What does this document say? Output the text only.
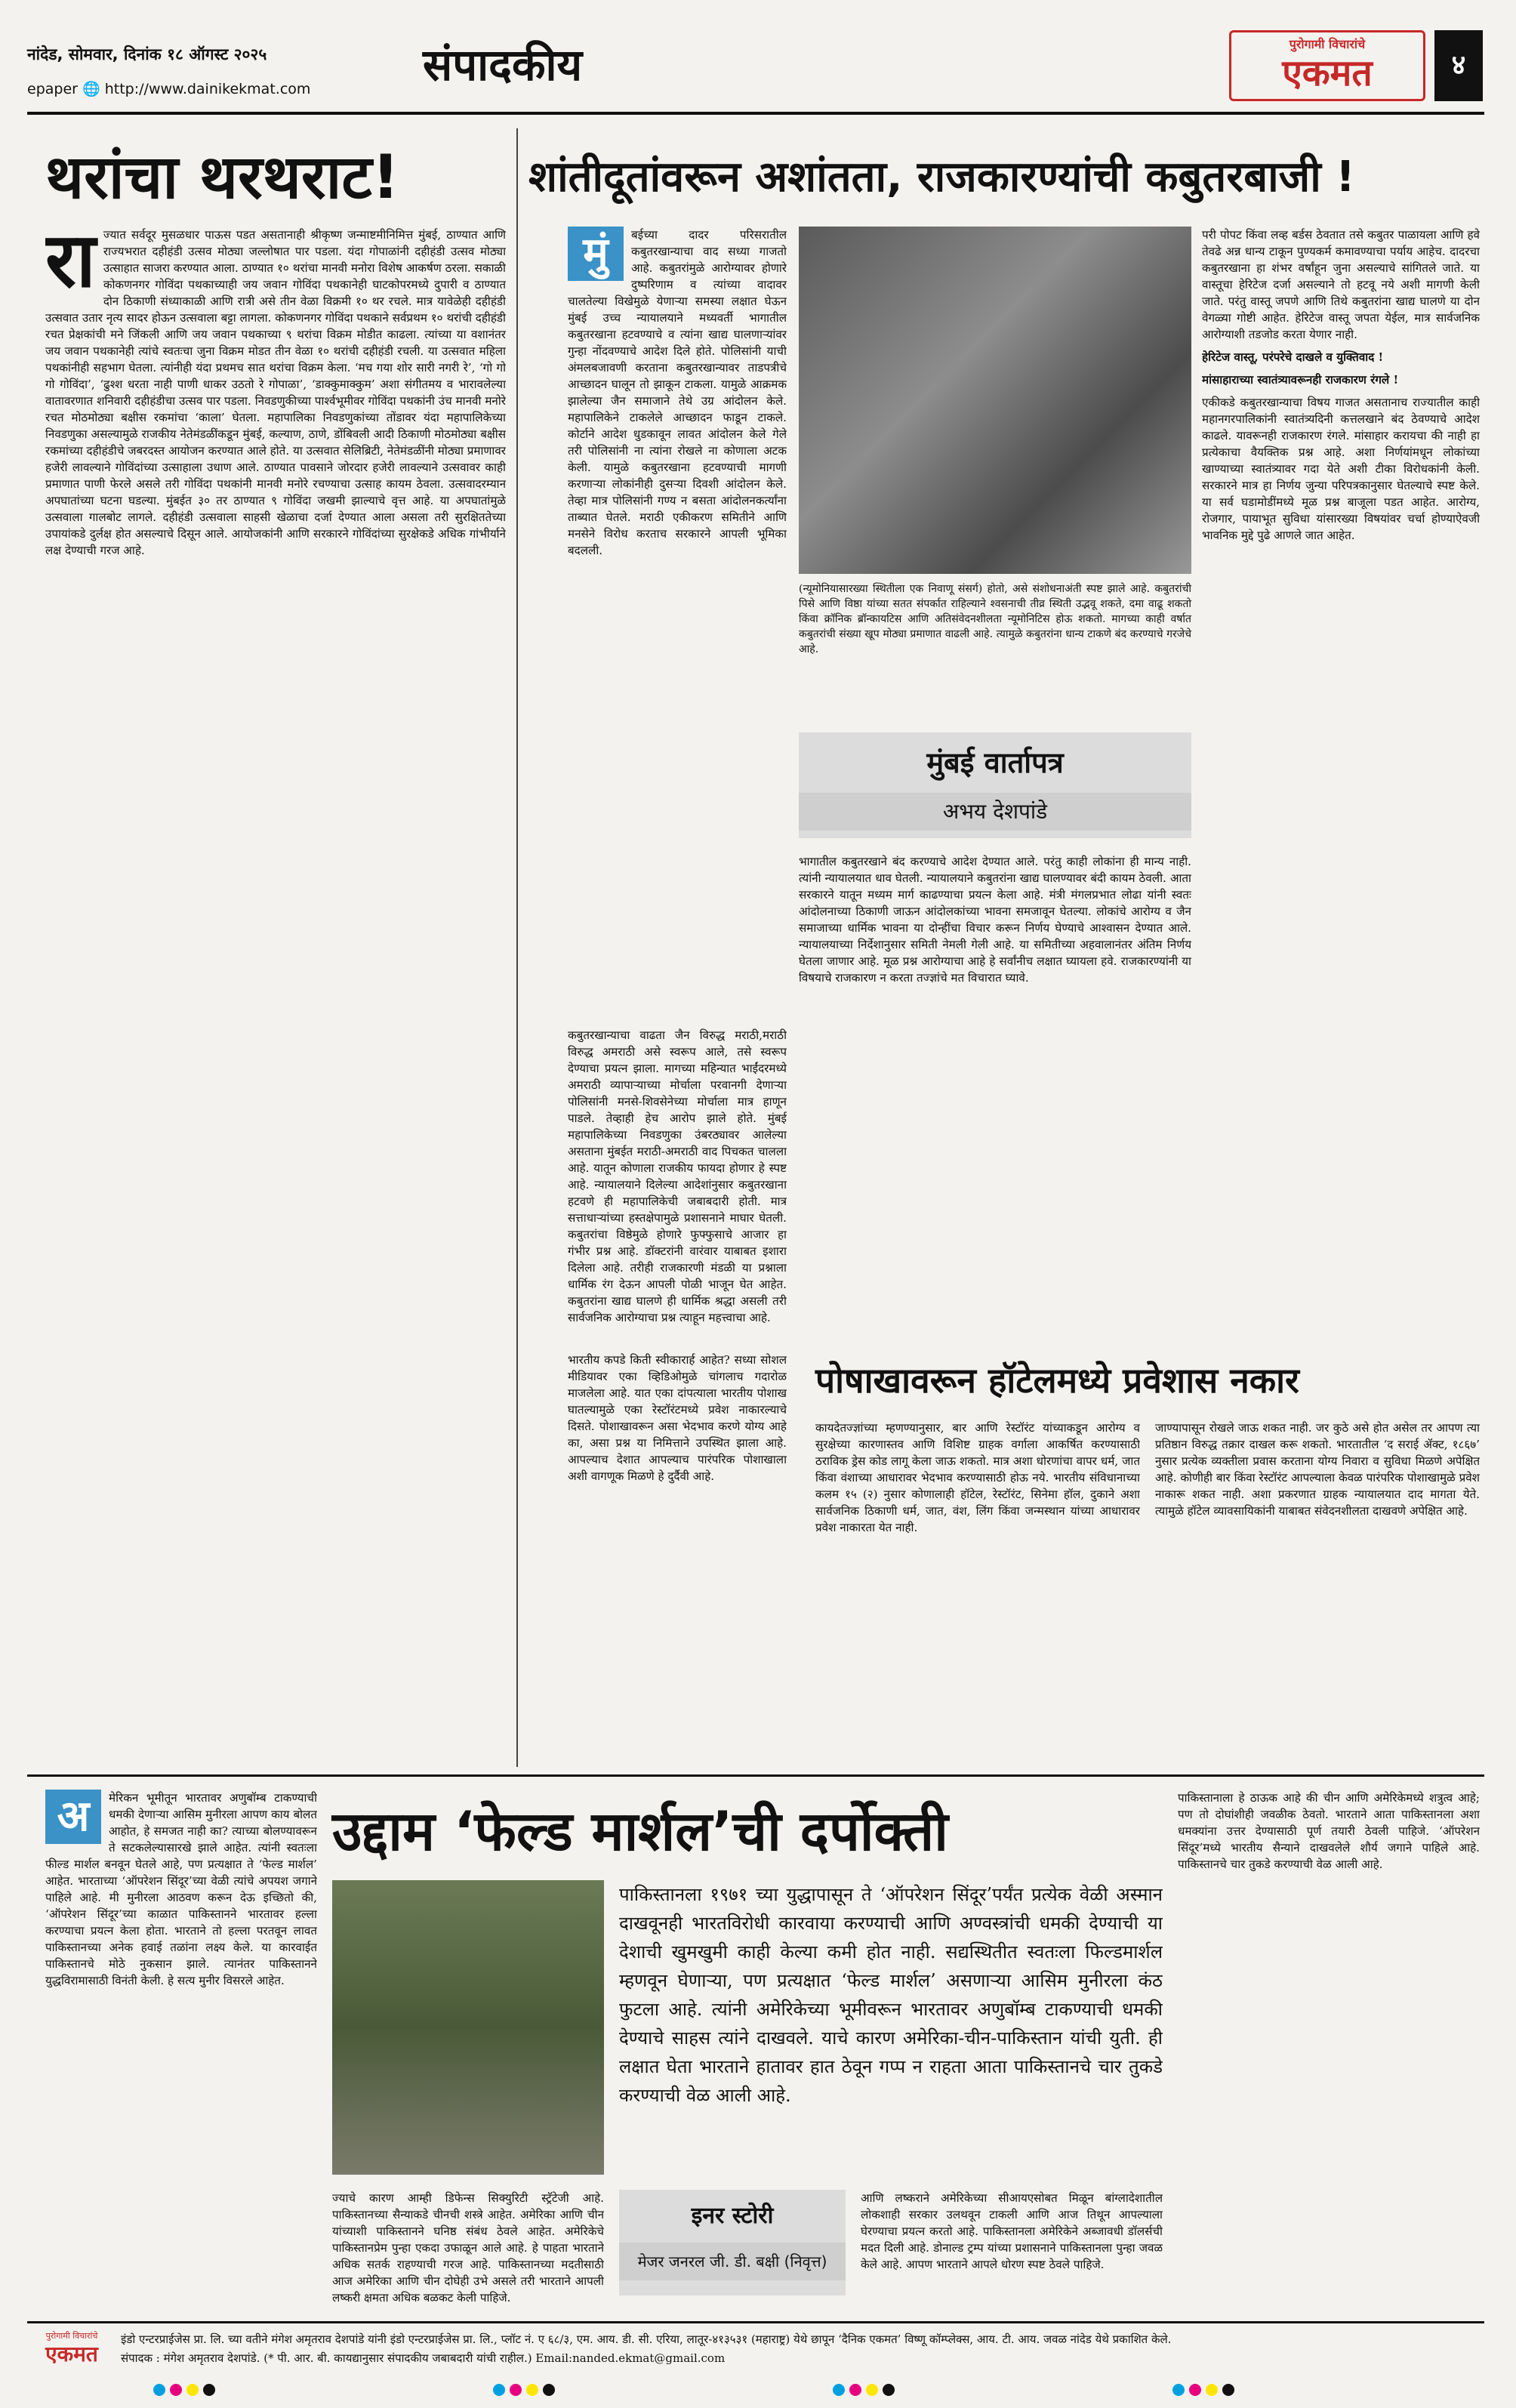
नांदेड, सोमवार, दिनांक १८ ऑगस्ट २०२५
epaper 🌐 http://www.dainikekmat.com	संपादकीय	पुरोगामी विचारांचे
एकमत	४
थरांचा थरथराट!
रा ज्यात सर्वदूर मुसळधार पाऊस पडत असतानाही श्रीकृष्ण जन्माष्टमीनिमित्त मुंबई, ठाण्यात आणि राज्यभरात दहीहंडी उत्सव मोठ्या जल्लोषात पार पडला. यंदा गोपाळांनी दहीहंडी उत्सव मोठ्या उत्साहात साजरा करण्यात आला. ठाण्यात १० थरांचा मानवी मनोरा विशेष आकर्षण ठरला. सकाळी कोकणनगर गोविंदा पथकाच्याही जय जवान गोविंदा पथकानेही घाटकोपरमध्ये दुपारी व ठाण्यात दोन ठिकाणी संध्याकाळी आणि रात्री असे तीन वेळा विक्रमी १० थर रचले. मात्र यावेळेही दहीहंडी उत्सवात उतार नृत्य सादर होऊन उत्सवाला बट्टा लागला. कोकणनगर गोविंदा पथकाने सर्वप्रथम १० थरांची दहीहंडी रचत प्रेक्षकांची मने जिंकली आणि जय जवान पथकाच्या ९ थरांचा विक्रम मोडीत काढला. त्यांच्या या वशानंतर जय जवान पथकानेही त्यांचे स्वतःचा जुना विक्रम मोडत तीन वेळा १० थरांची दहीहंडी रचली. या उत्सवात महिला पथकांनीही सहभाग घेतला. त्यांनीही यंदा प्रथमच सात थरांचा विक्रम केला. ‘मच गया शोर सारी नगरी रे’, ‘गो गो गो गोविंदा’, ‘ढुश्श धरता नाही पाणी धाकर उठतो रे गोपाळा’, ‘डाक्कुमाक्कुम’ अशा संगीतमय व भारावलेल्या वातावरणात शनिवारी दहीहंडीचा उत्सव पार पडला. निवडणुकीच्या पार्श्वभूमीवर गोविंदा पथकांनी उंच मानवी मनोरे रचत मोठमोठ्या बक्षीस रकमांचा ‘काला’ घेतला. महापालिका निवडणुकांच्या तोंडावर यंदा महापालिकेच्या निवडणुका असल्यामुळे राजकीय नेतेमंडळींकडून मुंबई, कल्याण, ठाणे, डोंबिवली आदी ठिकाणी मोठमोठ्या बक्षीस रकमांच्या दहीहंडीचे जबरदस्त आयोजन करण्यात आले होते. या उत्सवात सेलिब्रिटी, नेतेमंडळींनी मोठ्या प्रमाणावर हजेरी लावल्याने गोविंदांच्या उत्साहाला उधाण आले. ठाण्यात पावसाने जोरदार हजेरी लावल्याने उत्सवावर काही प्रमाणात पाणी फेरले असले तरी गोविंदा पथकांनी मानवी मनोरे रचण्याचा उत्साह कायम ठेवला. उत्सवादरम्यान अपघातांच्या घटना घडल्या. मुंबईत ३० तर ठाण्यात ९ गोविंदा जखमी झाल्याचे वृत्त आहे. या अपघातांमुळे उत्सवाला गालबोट लागले. दहीहंडी उत्सवाला साहसी खेळाचा दर्जा देण्यात आला असला तरी सुरक्षिततेच्या उपायांकडे दुर्लक्ष होत असल्याचे दिसून आले. आयोजकांनी आणि सरकारने गोविंदांच्या सुरक्षेकडे अधिक गांभीर्याने लक्ष देण्याची गरज आहे.
शांतीदूतांवरून अशांतता, राजकारण्यांची कबुतरबाजी !
मुं	बईच्या दादर परिसरातील कबुतरखान्याचा वाद सध्या गाजतो आहे. कबुतरांमुळे आरोग्यावर होणारे दुष्परिणाम व त्यांच्या वादावर चालतेल्या विखेमुळे येणाऱ्या समस्या लक्षात घेऊन मुंबई उच्च न्यायालयाने मध्यवर्ती भागातील कबुतरखाना हटवण्याचे व त्यांना खाद्य घालणाऱ्यांवर गुन्हा नोंदवण्याचे आदेश दिले होते. पोलिसांनी याची अंमलबजावणी करताना कबुतरखान्यावर ताडपत्रीचे आच्छादन घालून तो झाकून टाकला. यामुळे आक्रमक झालेल्या जैन समाजाने तेथे उग्र आंदोलन केले. महापालिकेने टाकलेले आच्छादन फाडून टाकले. कोर्टाने आदेश धुडकावून लावत आंदोलन केले गेले तरी पोलिसांनी ना त्यांना रोखले ना कोणाला अटक केली. यामुळे कबुतरखाना हटवण्याची मागणी करणाऱ्या लोकांनीही दुसऱ्या दिवशी आंदोलन केले. तेव्हा मात्र पोलिसांनी गण्य न बसता आंदोलनकर्त्यांना ताब्यात घेतले. मराठी एकीकरण समितीने आणि मनसेने विरोध करताच सरकारने आपली भूमिका बदलली.
(न्यूमोनियासारख्या स्थितीला एक निवाणू संसर्ग) होतो, असे संशोधनाअंती स्पष्ट झाले आहे. कबुतरांची पिसे आणि विष्ठा यांच्या सतत संपर्कात राहिल्याने श्वसनाची तीव्र स्थिती उद्भवू शकते, दमा वाढू शकतो किंवा क्रॉनिक ब्रॉन्कायटिस आणि अतिसंवेदनशीलता न्यूमोनिटिस होऊ शकतो. मागच्या काही वर्षात कबुतरांची संख्या खूप मोठ्या प्रमाणात वाढली आहे. त्यामुळे कबुतरांना धान्य टाकणे बंद करण्याचे गरजेचे आहे.
कबुतरखान्याचा वाढता जैन विरुद्ध मराठी,मराठी विरुद्ध अमराठी असे स्वरूप आले, तसे स्वरूप देण्याचा प्रयत्न झाला. मागच्या महिन्यात भाईंदरमध्ये अमराठी व्यापाऱ्याच्या मोर्चाला परवानगी देणाऱ्या पोलिसांनी मनसे-शिवसेनेच्या मोर्चाला मात्र हाणून पाडले. तेव्हाही हेच आरोप झाले होते. मुंबई महापालिकेच्या निवडणुका उंबरठ्यावर आलेल्या असताना मुंबईत मराठी-अमराठी वाद पिचकत चालला आहे. यातून कोणाला राजकीय फायदा होणार हे स्पष्ट आहे. न्यायालयाने दिलेल्या आदेशांनुसार कबुतरखाना हटवणे ही महापालिकेची जबाबदारी होती. मात्र सत्ताधाऱ्यांच्या हस्तक्षेपामुळे प्रशासनाने माघार घेतली. कबुतरांचा विष्ठेमुळे होणारे फुफ्फुसाचे आजार हा गंभीर प्रश्न आहे. डॉक्टरांनी वारंवार याबाबत इशारा दिलेला आहे. तरीही राजकारणी मंडळी या प्रश्नाला धार्मिक रंग देऊन आपली पोळी भाजून घेत आहेत. कबुतरांना खाद्य घालणे ही धार्मिक श्रद्धा असली तरी सार्वजनिक आरोग्याचा प्रश्न त्याहून महत्त्वाचा आहे.
मुंबई वार्तापत्र
अभय देशपांडे
भागातील कबुतरखाने बंद करण्याचे आदेश देण्यात आले. परंतु काही लोकांना ही मान्य नाही. त्यांनी न्यायालयात धाव घेतली. न्यायालयाने कबुतरांना खाद्य घालण्यावर बंदी कायम ठेवली. आता सरकारने यातून मध्यम मार्ग काढण्याचा प्रयत्न केला आहे. मंत्री मंगलप्रभात लोढा यांनी स्वतः आंदोलनाच्या ठिकाणी जाऊन आंदोलकांच्या भावना समजावून घेतल्या. लोकांचे आरोग्य व जैन समाजाच्या धार्मिक भावना या दोन्हींचा विचार करून निर्णय घेण्याचे आश्वासन देण्यात आले. न्यायालयाच्या निर्देशानुसार समिती नेमली गेली आहे. या समितीच्या अहवालानंतर अंतिम निर्णय घेतला जाणार आहे. मूळ प्रश्न आरोग्याचा आहे हे सर्वांनीच लक्षात घ्यायला हवे. राजकारण्यांनी या विषयाचे राजकारण न करता तज्ज्ञांचे मत विचारात घ्यावे.
परी पोपट किंवा लव्ह बर्डस ठेवतात तसे कबुतर पाळायला आणि हवे तेवढे अन्न धान्य टाकून पुण्यकर्म कमावण्याचा पर्याय आहेच. दादरचा कबुतरखाना हा शंभर वर्षांहून जुना असल्याचे सांगितले जाते. या वास्तूचा हेरिटेज दर्जा असल्याने तो हटवू नये अशी मागणी केली जाते. परंतु वास्तू जपणे आणि तिथे कबुतरांना खाद्य घालणे या दोन वेगळ्या गोष्टी आहेत. हेरिटेज वास्तू जपता येईल, मात्र सार्वजनिक आरोग्याशी तडजोड करता येणार नाही.
हेरिटेज वास्तू, परंपरेचे दाखले व युक्तिवाद !
मांसाहाराच्या स्वातंत्र्यावरूनही राजकारण रंगले !
एकीकडे कबुतरखान्याचा विषय गाजत असतानाच राज्यातील काही महानगरपालिकांनी स्वातंत्र्यदिनी कत्तलखाने बंद ठेवण्याचे आदेश काढले. यावरूनही राजकारण रंगले. मांसाहार करायचा की नाही हा प्रत्येकाचा वैयक्तिक प्रश्न आहे. अशा निर्णयांमधून लोकांच्या खाण्याच्या स्वातंत्र्यावर गदा येते अशी टीका विरोधकांनी केली. सरकारने मात्र हा निर्णय जुन्या परिपत्रकानुसार घेतल्याचे स्पष्ट केले. या सर्व घडामोडींमध्ये मूळ प्रश्न बाजूला पडत आहेत. आरोग्य, रोजगार, पायाभूत सुविधा यांसारख्या विषयांवर चर्चा होण्याऐवजी भावनिक मुद्दे पुढे आणले जात आहेत.
भारतीय कपडे किती स्वीकारार्ह आहेत? सध्या सोशल मीडियावर एका व्हिडिओमुळे चांगलाच गदारोळ माजलेला आहे. यात एका दांपत्याला भारतीय पोशाख घातल्यामुळे एका रेस्टॉरंटमध्ये प्रवेश नाकारल्याचे दिसते. पोशाखावरून असा भेदभाव करणे योग्य आहे का, असा प्रश्न या निमित्ताने उपस्थित झाला आहे. आपल्याच देशात आपल्याच पारंपरिक पोशाखाला अशी वागणूक मिळणे हे दुर्दैवी आहे.
पोषाखावरून हॉटेलमध्ये प्रवेशास नकार
कायदेतज्ज्ञांच्या म्हणण्यानुसार, बार आणि रेस्टॉरंट यांच्याकडून आरोग्य व सुरक्षेच्या कारणास्तव आणि विशिष्ट ग्राहक वर्गाला आकर्षित करण्यासाठी ठराविक ड्रेस कोड लागू केला जाऊ शकतो. मात्र अशा धोरणांचा वापर धर्म, जात किंवा वंशाच्या आधारावर भेदभाव करण्यासाठी होऊ नये. भारतीय संविधानाच्या कलम १५ (२) नुसार कोणालाही हॉटेल, रेस्टॉरंट, सिनेमा हॉल, दुकाने अशा सार्वजनिक ठिकाणी धर्म, जात, वंश, लिंग किंवा जन्मस्थान यांच्या आधारावर प्रवेश नाकारता येत नाही.
जाण्यापासून रोखले जाऊ शकत नाही. जर कुठे असे होत असेल तर आपण त्या प्रतिष्ठान विरुद्ध तक्रार दाखल करू शकतो. भारतातील ‘द सराई ॲक्ट, १८६७’ नुसार प्रत्येक व्यक्तीला प्रवास करताना योग्य निवारा व सुविधा मिळणे अपेक्षित आहे. कोणीही बार किंवा रेस्टॉरंट आपल्याला केवळ पारंपरिक पोशाखामुळे प्रवेश नाकारू शकत नाही. अशा प्रकरणात ग्राहक न्यायालयात दाद मागता येते. त्यामुळे हॉटेल व्यावसायिकांनी याबाबत संवेदनशीलता दाखवणे अपेक्षित आहे.
अ	मेरिकन भूमीतून भारतावर अणुबॉम्ब टाकण्याची धमकी देणाऱ्या आसिम मुनीरला आपण काय बोलत आहोत, हे समजत नाही का? त्याच्या बोलण्यावरून ते सटकलेल्यासारखे झाले आहेत. त्यांनी स्वतःला फील्ड मार्शल बनवून घेतले आहे, पण प्रत्यक्षात ते ‘फेल्ड मार्शल’ आहेत. भारताच्या ‘ऑपरेशन सिंदूर’च्या वेळी त्यांचे अपयश जगाने पाहिले आहे. मी मुनीरला आठवण करून देऊ इच्छितो की, ‘ऑपरेशन सिंदूर’च्या काळात पाकिस्तानने भारतावर हल्ला करण्याचा प्रयत्न केला होता. भारताने तो हल्ला परतवून लावत पाकिस्तानच्या अनेक हवाई तळांना लक्ष्य केले. या कारवाईत पाकिस्तानचे मोठे नुकसान झाले. त्यानंतर पाकिस्तानने युद्धविरामासाठी विनंती केली. हे सत्य मुनीर विसरले आहेत.
उद्दाम ‘फेल्ड मार्शल’ची दर्पोक्ती
पाकिस्तानला १९७१ च्या युद्धापासून ते ‘ऑपरेशन सिंदूर’पर्यंत प्रत्येक वेळी अस्मान दाखवूनही भारतविरोधी कारवाया करण्याची आणि अण्वस्त्रांची धमकी देण्याची या देशाची खुमखुमी काही केल्या कमी होत नाही. सद्यस्थितीत स्वतःला फिल्डमार्शल म्हणवून घेणाऱ्या, पण प्रत्यक्षात ‘फेल्ड मार्शल’ असणाऱ्या आसिम मुनीरला कंठ फुटला आहे. त्यांनी अमेरिकेच्या भूमीवरून भारतावर अणुबॉम्ब टाकण्याची धमकी देण्याचे साहस त्यांने दाखवले. याचे कारण अमेरिका-चीन-पाकिस्तान यांची युती. ही लक्षात घेता भारताने हातावर हात ठेवून गप्प न राहता आता पाकिस्तानचे चार तुकडे करण्याची वेळ आली आहे.
ज्याचे कारण आम्ही डिफेन्स सिक्युरिटी स्ट्रॅटेजी आहे. पाकिस्तानच्या सैन्याकडे चीनची शस्त्रे आहेत. अमेरिका आणि चीन यांच्याशी पाकिस्तानने घनिष्ठ संबंध ठेवले आहेत. अमेरिकेचे पाकिस्तानप्रेम पुन्हा एकदा उफाळून आले आहे. हे पाहता भारताने अधिक सतर्क राहण्याची गरज आहे. पाकिस्तानच्या मदतीसाठी आज अमेरिका आणि चीन दोघेही उभे असले तरी भारताने आपली लष्करी क्षमता अधिक बळकट केली पाहिजे.
इनर स्टोरी
मेजर जनरल जी. डी. बक्षी (निवृत्त)
आणि लष्कराने अमेरिकेच्या सीआयएसोबत मिळून बांग्लादेशातील लोकशाही सरकार उलथवून टाकली आणि आज तिथून आपल्याला घेरण्याचा प्रयत्न करतो आहे. पाकिस्तानला अमेरिकेने अब्जावधी डॉलर्सची मदत दिली आहे. डोनाल्ड ट्रम्प यांच्या प्रशासनाने पाकिस्तानला पुन्हा जवळ केले आहे. आपण भारताने आपले धोरण स्पष्ट ठेवले पाहिजे.
पाकिस्तानाला हे ठाऊक आहे की चीन आणि अमेरिकेमध्ये शत्रुत्व आहे; पण तो दोघांशीही जवळीक ठेवतो. भारताने आता पाकिस्तानला अशा धमक्यांना उत्तर देण्यासाठी पूर्ण तयारी ठेवली पाहिजे. ‘ऑपरेशन सिंदूर’मध्ये भारतीय सैन्याने दाखवलेले शौर्य जगाने पाहिले आहे. पाकिस्तानचे चार तुकडे करण्याची वेळ आली आहे.
पुरोगामी विचारांचे
एकमत
इंडो एन्टरप्राईजेस प्रा. लि. च्या वतीने मंगेश अमृतराव देशपांडे यांनी इंडो एन्टरप्राईजेस प्रा. लि., प्लॉट नं. ए ६८/३, एम. आय. डी. सी. एरिया, लातूर-४१३५३१ (महाराष्ट्र) येथे छापून ‘दैनिक एकमत’ विष्णू कॉम्प्लेक्स, आय. टी. आय. जवळ नांदेड येथे प्रकाशित केले.
संपादक : मंगेश अमृतराव देशपांडे. (* पी. आर. बी. कायद्यानुसार संपादकीय जबाबदारी यांची राहील.) Email:nanded.ekmat@gmail.com
